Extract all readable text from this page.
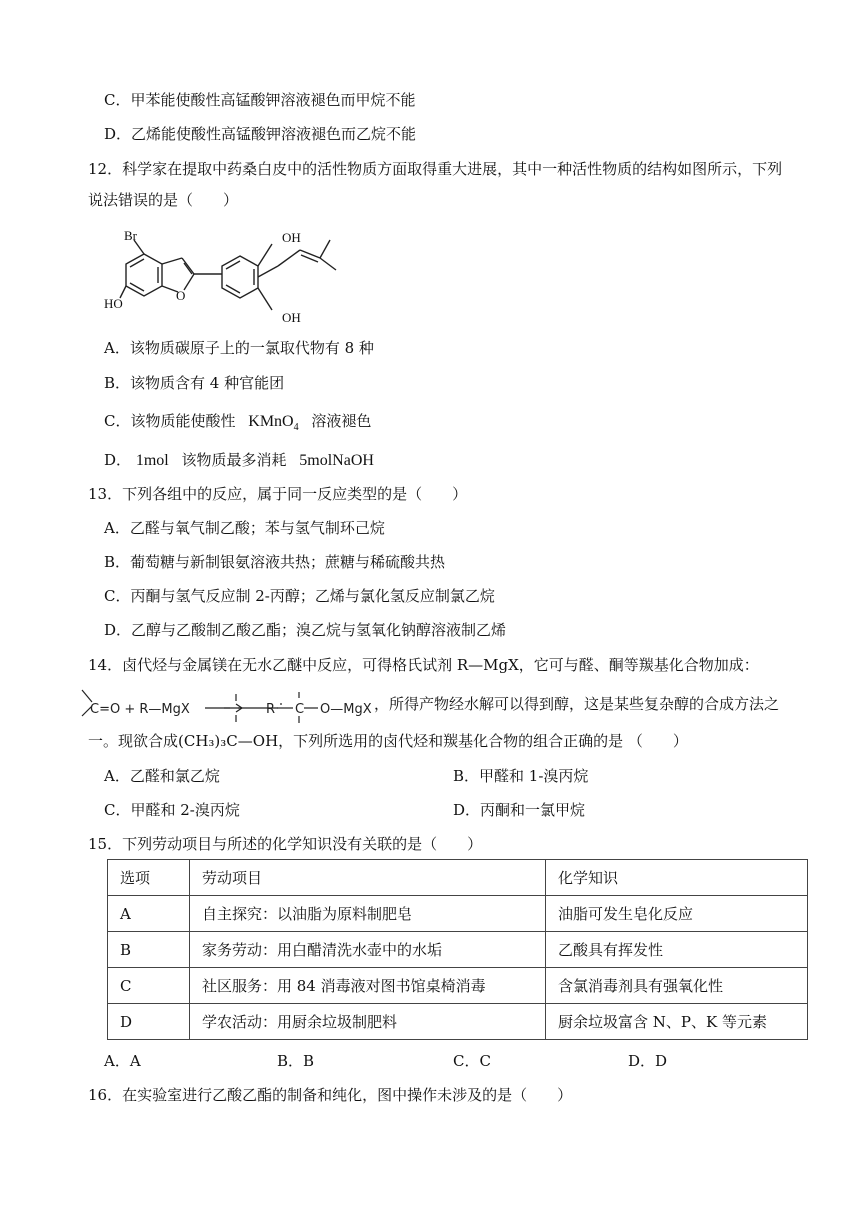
C．甲苯能使酸性高锰酸钾溶液褪色而甲烷不能
D．乙烯能使酸性高锰酸钾溶液褪色而乙烷不能
12．科学家在提取中药桑白皮中的活性物质方面取得重大进展，其中一种活性物质的结构如图所示，下列
说法错误的是（　　）
Br
HO
O
OH
OH
A．该物质碳原子上的一氯取代物有 8 种
B．该物质含有 4 种官能团
C．该物质能使酸性 KMnO$_4$ 溶液褪色
D． 1mol 该物质最多消耗 5molNaOH
13．下列各组中的反应，属于同一反应类型的是（　　）
A．乙醛与氧气制乙酸；苯与氢气制环己烷
B．葡萄糖与新制银氨溶液共热；蔗糖与稀硫酸共热
C．丙酮与氢气反应制 2-丙醇；乙烯与氯化氢反应制氯乙烷
D．乙醇与乙酸制乙酸乙酯；溴乙烷与氢氧化钠醇溶液制乙烯
14．卤代烃与金属镁在无水乙醚中反应，可得格氏试剂 R—MgX，它可与醛、酮等羰基化合物加成：
C=O + R—MgX	R C O—MgX ，所得产物经水解可以得到醇，这是某些复杂醇的合成方法之
一。现欲合成(CH₃)₃C—OH，下列所选用的卤代烃和羰基化合物的组合正确的是 （　　）
A．乙醛和氯乙烷	B．甲醛和 1-溴丙烷
C．甲醛和 2-溴丙烷	D．丙酮和一氯甲烷
15．下列劳动项目与所述的化学知识没有关联的是（　　）
选项	劳动项目	化学知识
A	自主探究：以油脂为原料制肥皂	油脂可发生皂化反应
B	家务劳动：用白醋清洗水壶中的水垢	乙酸具有挥发性
C	社区服务：用 84 消毒液对图书馆桌椅消毒	含氯消毒剂具有强氧化性
D	学农活动：用厨余垃圾制肥料	厨余垃圾富含 N、P、K 等元素
A．A	B．B	C．C	D．D
16．在实验室进行乙酸乙酯的制备和纯化，图中操作未涉及的是（　　）
